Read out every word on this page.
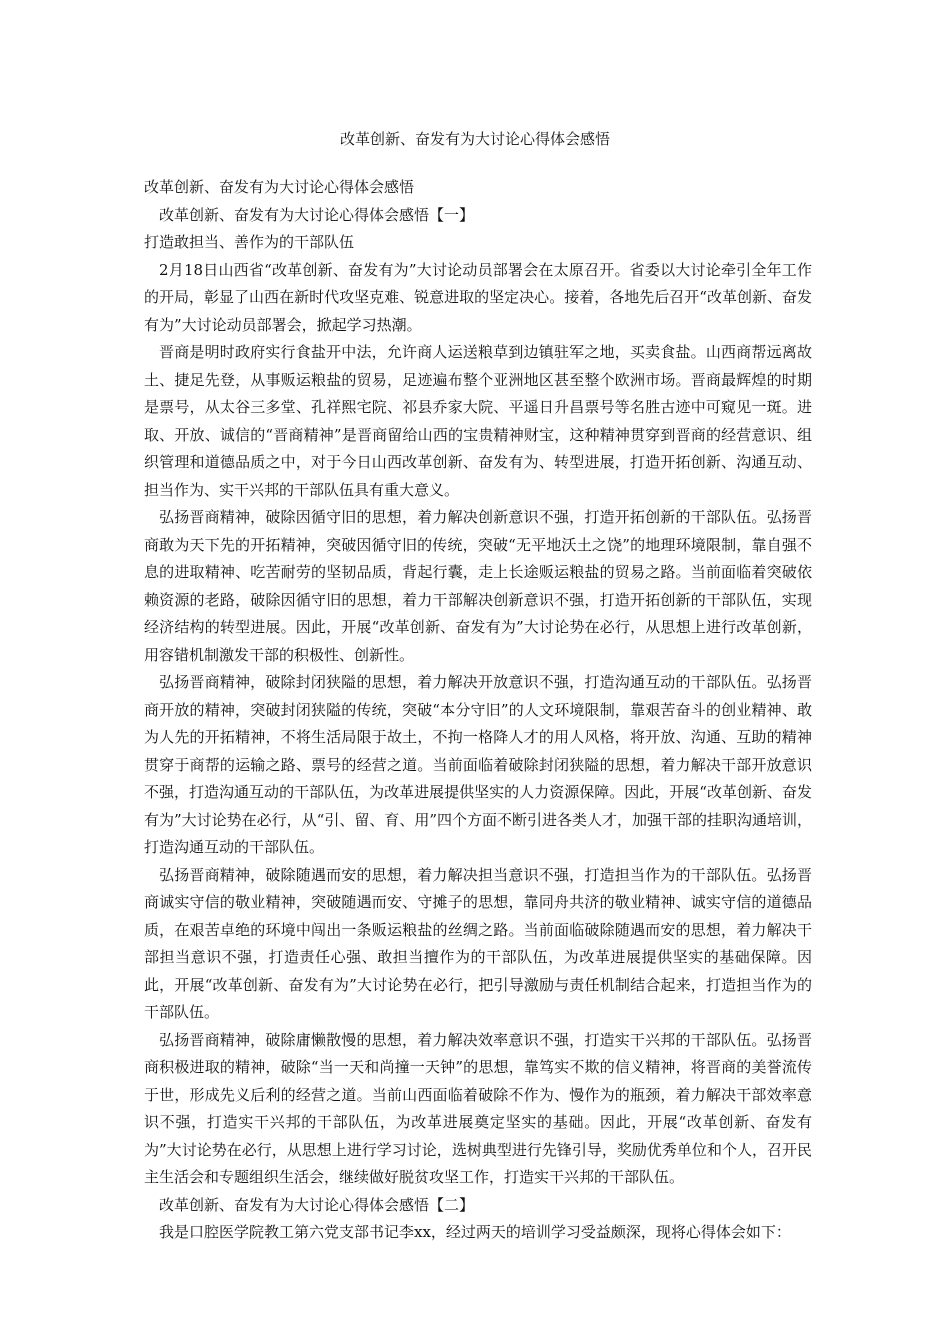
改革创新、奋发有为大讨论心得体会感悟

改革创新、奋发有为大讨论心得体会感悟

改革创新、奋发有为大讨论心得体会感悟【一】

打造敢担当、善作为的干部队伍

2月18日山西省“改革创新、奋发有为”大讨论动员部署会在太原召开。省委以大讨论牵引全年工作的开局，彰显了山西在新时代攻坚克难、锐意进取的坚定决心。接着，各地先后召开“改革创新、奋发有为”大讨论动员部署会，掀起学习热潮。

晋商是明时政府实行食盐开中法，允许商人运送粮草到边镇驻军之地，买卖食盐。山西商帮远离故土、捷足先登，从事贩运粮盐的贸易，足迹遍布整个亚洲地区甚至整个欧洲市场。晋商最辉煌的时期是票号，从太谷三多堂、孔祥熙宅院、祁县乔家大院、平遥日升昌票号等名胜古迹中可窥见一斑。进取、开放、诚信的“晋商精神”是晋商留给山西的宝贵精神财宝，这种精神贯穿到晋商的经营意识、组织管理和道德品质之中，对于今日山西改革创新、奋发有为、转型进展，打造开拓创新、沟通互动、担当作为、实干兴邦的干部队伍具有重大意义。

弘扬晋商精神，破除因循守旧的思想，着力解决创新意识不强，打造开拓创新的干部队伍。弘扬晋商敢为天下先的开拓精神，突破因循守旧的传统，突破“无平地沃土之饶”的地理环境限制，靠自强不息的进取精神、吃苦耐劳的坚韧品质，背起行囊，走上长途贩运粮盐的贸易之路。当前面临着突破依赖资源的老路，破除因循守旧的思想，着力干部解决创新意识不强，打造开拓创新的干部队伍，实现经济结构的转型进展。因此，开展“改革创新、奋发有为”大讨论势在必行，从思想上进行改革创新，用容错机制激发干部的积极性、创新性。

弘扬晋商精神，破除封闭狭隘的思想，着力解决开放意识不强，打造沟通互动的干部队伍。弘扬晋商开放的精神，突破封闭狭隘的传统，突破“本分守旧”的人文环境限制，靠艰苦奋斗的创业精神、敢为人先的开拓精神，不将生活局限于故土，不拘一格降人才的用人风格，将开放、沟通、互助的精神贯穿于商帮的运输之路、票号的经营之道。当前面临着破除封闭狭隘的思想，着力解决干部开放意识不强，打造沟通互动的干部队伍，为改革进展提供坚实的人力资源保障。因此，开展“改革创新、奋发有为”大讨论势在必行，从“引、留、育、用”四个方面不断引进各类人才，加强干部的挂职沟通培训，打造沟通互动的干部队伍。

弘扬晋商精神，破除随遇而安的思想，着力解决担当意识不强，打造担当作为的干部队伍。弘扬晋商诚实守信的敬业精神，突破随遇而安、守摊子的思想，靠同舟共济的敬业精神、诚实守信的道德品质，在艰苦卓绝的环境中闯出一条贩运粮盐的丝绸之路。当前面临破除随遇而安的思想，着力解决干部担当意识不强，打造责任心强、敢担当擅作为的干部队伍，为改革进展提供坚实的基础保障。因此，开展“改革创新、奋发有为”大讨论势在必行，把引导激励与责任机制结合起来，打造担当作为的干部队伍。

弘扬晋商精神，破除庸懒散慢的思想，着力解决效率意识不强，打造实干兴邦的干部队伍。弘扬晋商积极进取的精神，破除“当一天和尚撞一天钟”的思想，靠笃实不欺的信义精神，将晋商的美誉流传于世，形成先义后利的经营之道。当前山西面临着破除不作为、慢作为的瓶颈，着力解决干部效率意识不强，打造实干兴邦的干部队伍，为改革进展奠定坚实的基础。因此，开展“改革创新、奋发有为”大讨论势在必行，从思想上进行学习讨论，选树典型进行先锋引导，奖励优秀单位和个人，召开民主生活会和专题组织生活会，继续做好脱贫攻坚工作，打造实干兴邦的干部队伍。

改革创新、奋发有为大讨论心得体会感悟【二】

我是口腔医学院教工第六党支部书记李xx，经过两天的培训学习受益颇深，现将心得体会如下：
